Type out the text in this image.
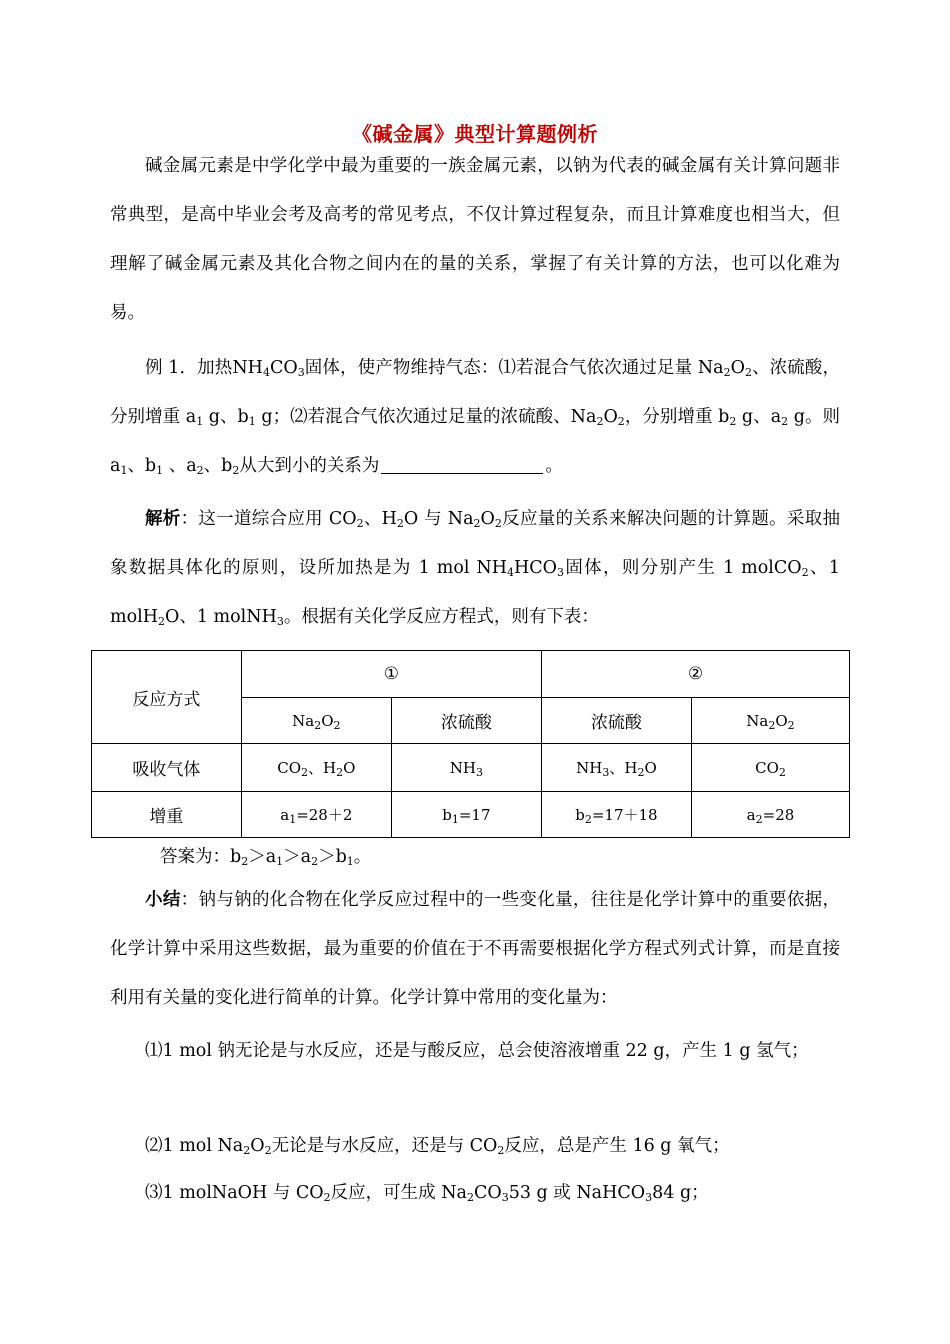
《碱金属》典型计算题例析
碱金属元素是中学化学中最为重要的一族金属元素，以钠为代表的碱金属有关计算问题非常典型，是高中毕业会考及高考的常见考点，不仅计算过程复杂，而且计算难度也相当大，但理解了碱金属元素及其化合物之间内在的量的关系，掌握了有关计算的方法，也可以化难为易。
例 1．加热$NH_4CO_3$固体，使产物维持气态：⑴若混合气依次通过足量 $Na_2O_2$、浓硫酸，分别增重 $a_1$ g、$b_1$ g；⑵若混合气依次通过足量的浓硫酸、$Na_2O_2$，分别增重 $b_2$ g、$a_2$ g。则 $a_1$、$b_1$ 、$a_2$、$b_2$从大到小的关系为	。
解析：这一道综合应用 $CO_2$、$H_2O$ 与 $Na_2O_2$反应量的关系来解决问题的计算题。采取抽象数据具体化的原则，设所加热是为 1 mol $NH_4HCO_3$固体，则分别产生 1 molCO$_2$、1 molH$_2$O、1 molNH$_3$。根据有关化学反应方程式，则有下表：
反应方式	①		②	
	$Na_2O_2$	浓硫酸	浓硫酸	$Na_2O_2$
吸收气体	$CO_2$、$H_2O$	$NH_3$	$NH_3$、$H_2O$	$CO_2$
增重	$a_1=28+2$	$b_1=17$	$b_2=17+18$	$a_2=28$
答案为：$b_2>a_1>a_2>b_1$。
小结：钠与钠的化合物在化学反应过程中的一些变化量，往往是化学计算中的重要依据，化学计算中采用这些数据，最为重要的价值在于不再需要根据化学方程式列式计算，而是直接利用有关量的变化进行简单的计算。化学计算中常用的变化量为：
⑴1 mol 钠无论是与水反应，还是与酸反应，总会使溶液增重 22 g，产生 1 g 氢气；
⑵1 mol $Na_2O_2$无论是与水反应，还是与 $CO_2$反应，总是产生 16 g 氧气；
⑶1 molNaOH 与 $CO_2$反应，可生成 $Na_2CO_353$ g 或 NaHCO$_3$84 g；
